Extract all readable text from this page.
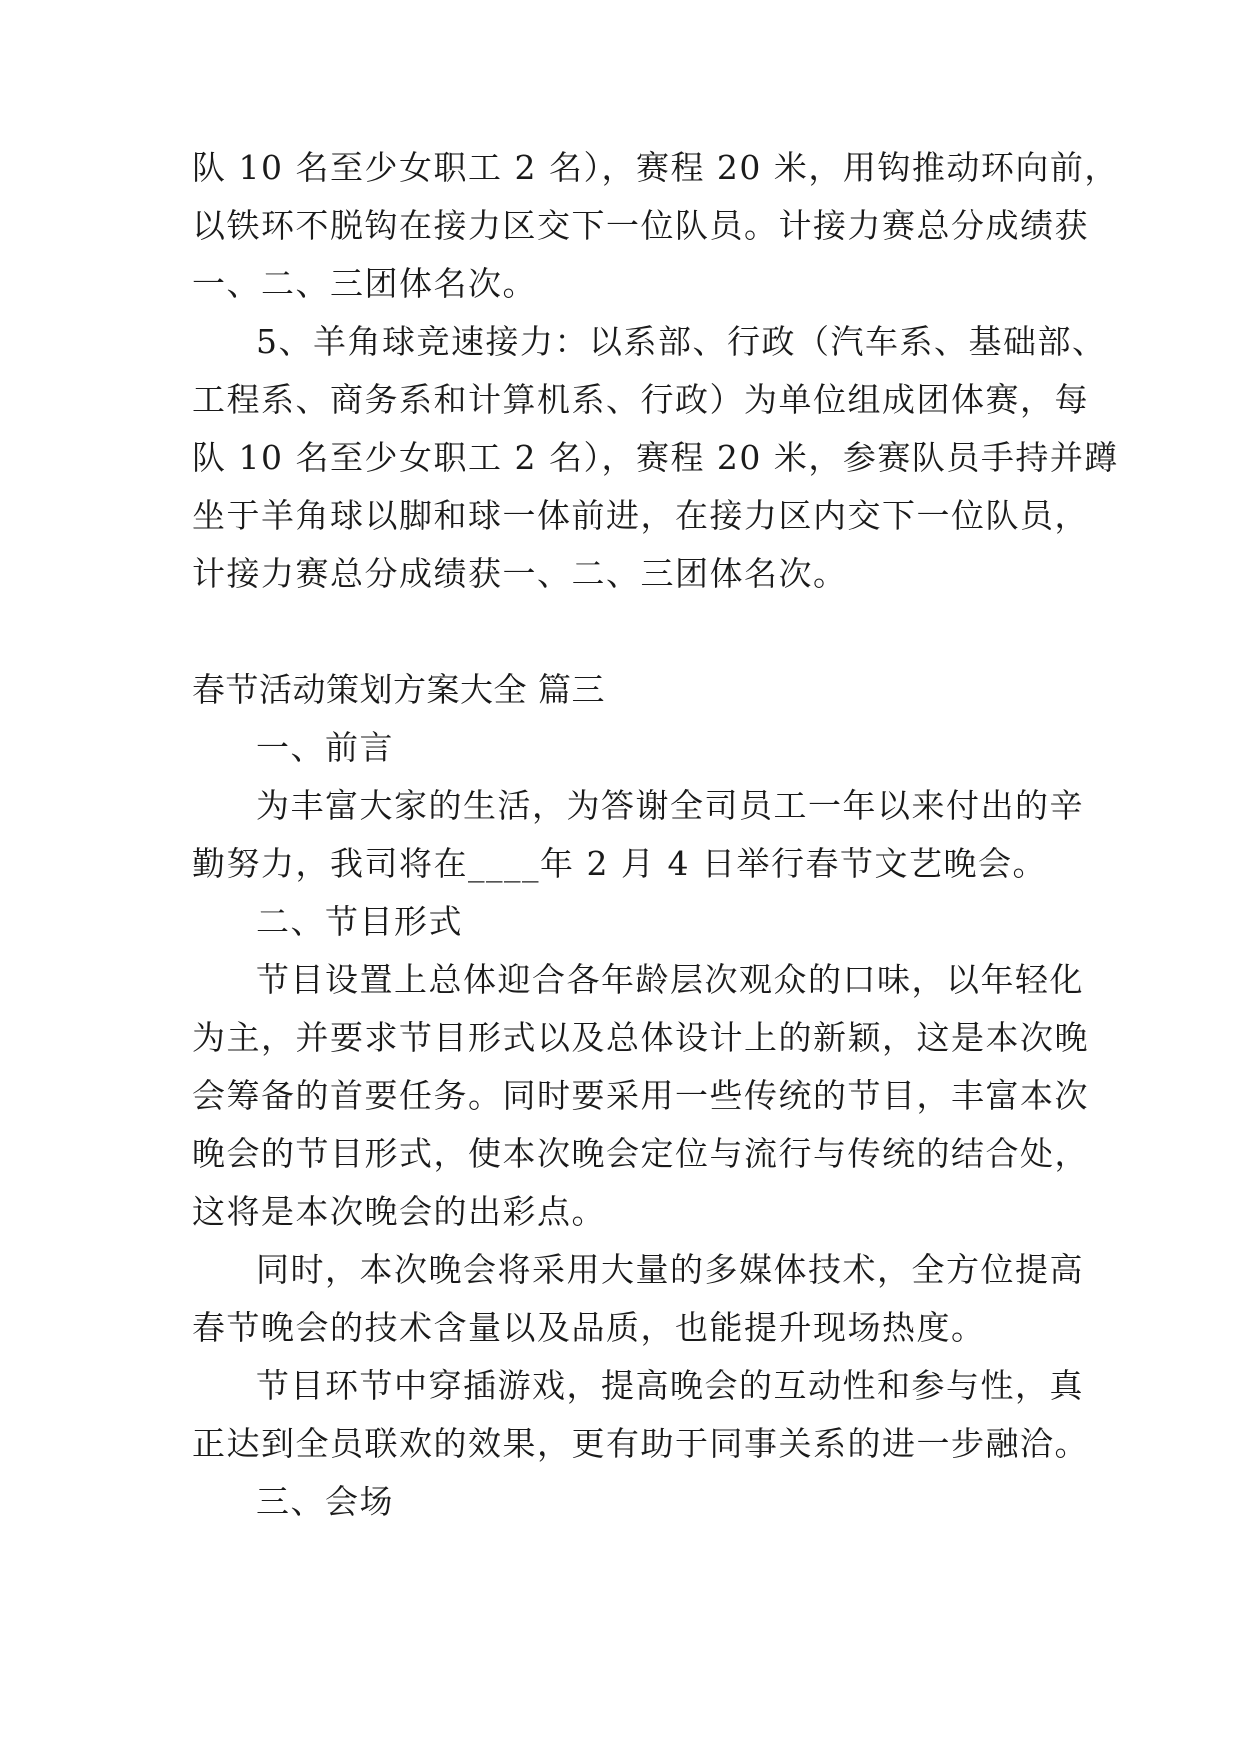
队 10 名至少女职工 2 名），赛程 20 米，用钩推动环向前，
以铁环不脱钩在接力区交下一位队员。计接力赛总分成绩获
一、二、三团体名次。
5、羊角球竞速接力：以系部、行政（汽车系、基础部、
工程系、商务系和计算机系、行政）为单位组成团体赛，每
队 10 名至少女职工 2 名），赛程 20 米，参赛队员手持并蹲
坐于羊角球以脚和球一体前进，在接力区内交下一位队员，
计接力赛总分成绩获一、二、三团体名次。
春节活动策划方案大全 篇三
一、前言
为丰富大家的生活，为答谢全司员工一年以来付出的辛
勤努力，我司将在____年 2 月 4 日举行春节文艺晚会。
二、节目形式
节目设置上总体迎合各年龄层次观众的口味，以年轻化
为主，并要求节目形式以及总体设计上的新颖，这是本次晚
会筹备的首要任务。同时要采用一些传统的节目，丰富本次
晚会的节目形式，使本次晚会定位与流行与传统的结合处，
这将是本次晚会的出彩点。
同时，本次晚会将采用大量的多媒体技术，全方位提高
春节晚会的技术含量以及品质，也能提升现场热度。
节目环节中穿插游戏，提高晚会的互动性和参与性，真
正达到全员联欢的效果，更有助于同事关系的进一步融洽。
三、会场
